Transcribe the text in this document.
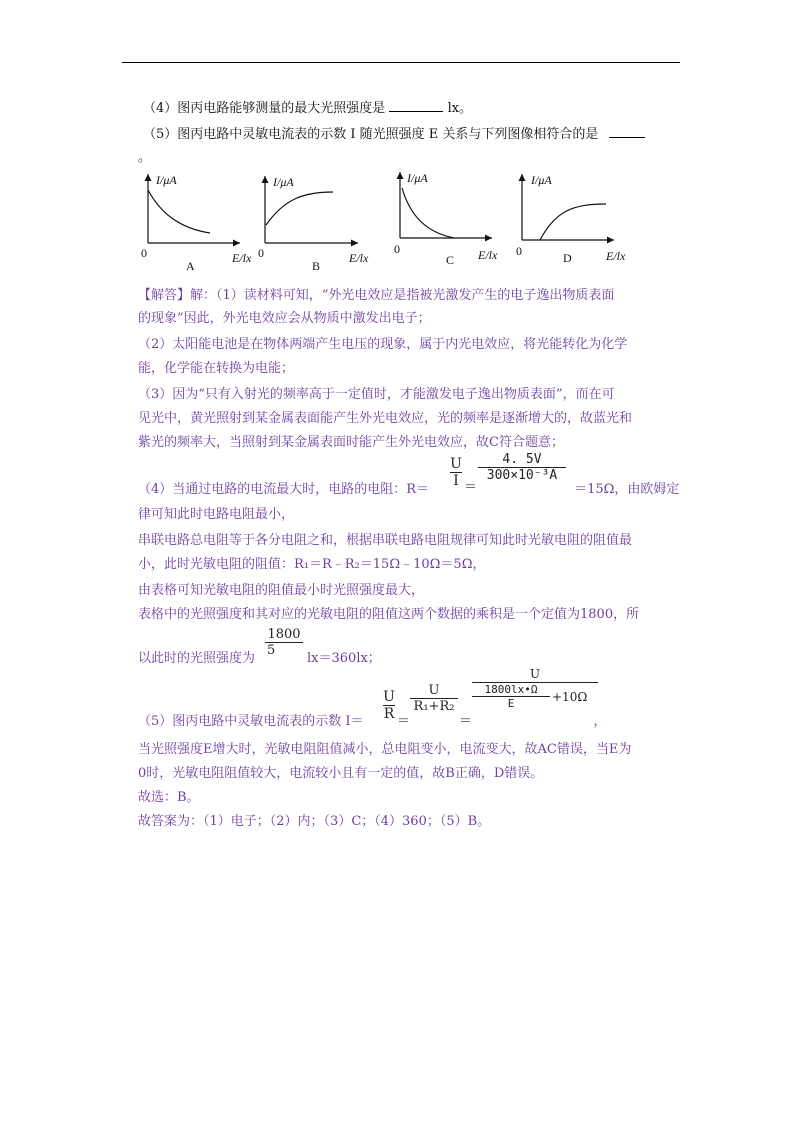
（4）图丙电路能够测量的最大光照强度是	lx。
（5）图丙电路中灵敏电流表的示数 I 随光照强度 E 关系与下列图像相符合的是
。
I/μA
0	E/lx
A
I/μA
0	E/lx
B
I/μA
0	E/lx
C
I/μA
0	E/lx
D
【解答】解：（1）读材料可知，“外光电效应是指被光激发产生的电子逸出物质表面
的现象”因此，外光电效应会从物质中激发出电子；
（2）太阳能电池是在物体两端产生电压的现象，属于内光电效应，将光能转化为化学
能，化学能在转换为电能；
（3）因为“只有入射光的频率高于一定值时，才能激发电子逸出物质表面”，而在可
见光中，黄光照射到某金属表面能产生外光电效应，光的频率是逐渐增大的，故蓝光和
紫光的频率大，当照射到某金属表面时能产生外光电效应，故C符合题意；
（4）当通过电路的电流最大时，电路的电阻：R＝	＝15Ω，由欧姆定
U
I ＝
4. 5V
300×10⁻³A
律可知此时电路电阻最小，
串联电路总电阻等于各分电阻之和，根据串联电路电阻规律可知此时光敏电阻的阻值最
小，此时光敏电阻的阻值：R₁＝R﹣R₂＝15Ω﹣10Ω＝5Ω，
由表格可知光敏电阻的阻值最小时光照强度最大，
表格中的光照强度和其对应的光敏电阻的阻值这两个数据的乘积是一个定值为1800，所
以此时的光照强度为	lx＝360lx；
1800
5
（5）图丙电路中灵敏电流表的示数 I＝	，
U
R ＝
U
R₁+R₂
＝
U
1800lx•Ω
E	+10Ω
当光照强度E增大时，光敏电阻阻值减小，总电阻变小，电流变大，故AC错误，当E为
0时，光敏电阻阻值较大，电流较小且有一定的值，故B正确，D错误。
故选：B。
故答案为：（1）电子；（2）内；（3）C；（4）360；（5）B。
